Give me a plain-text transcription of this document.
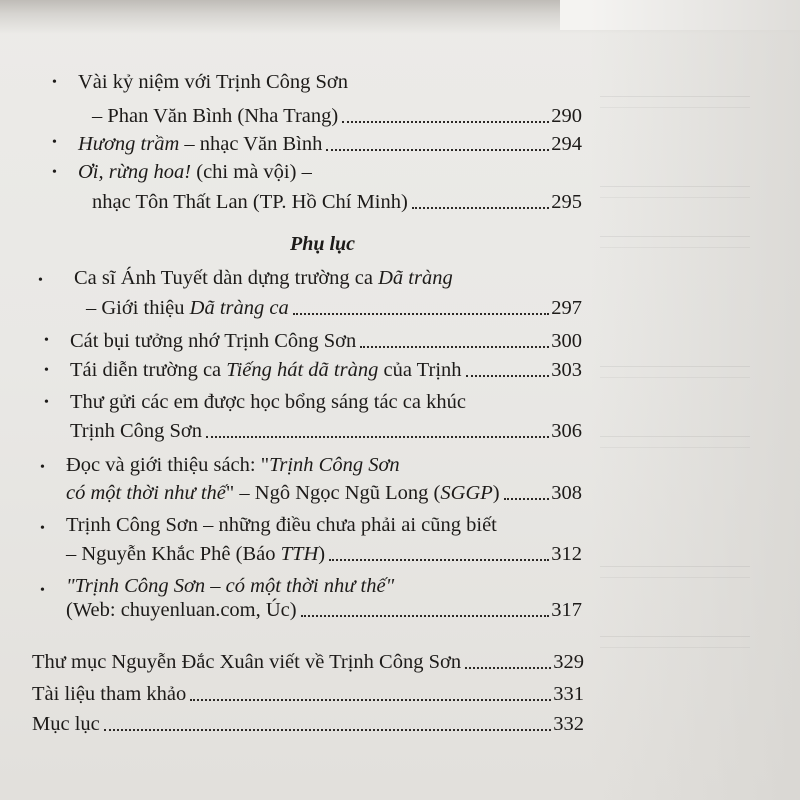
• Vài kỷ niệm với Trịnh Công Sơn
– Phan Văn Bình (Nha Trang)	290
• Hương trầm – nhạc Văn Bình	294
• Ơi, rừng hoa! (chi mà vội) –
nhạc Tôn Thất Lan (TP. Hồ Chí Minh)	295
Phụ lục
• Ca sĩ Ánh Tuyết dàn dựng trường ca Dã tràng
– Giới thiệu Dã tràng ca	297
• Cát bụi tưởng nhớ Trịnh Công Sơn	300
• Tái diễn trường ca Tiếng hát dã tràng của Trịnh	303
• Thư gửi các em được học bổng sáng tác ca khúc
Trịnh Công Sơn	306
• Đọc và giới thiệu sách: "Trịnh Công Sơn
có một thời như thế" – Ngô Ngọc Ngũ Long (SGGP)	308
• Trịnh Công Sơn – những điều chưa phải ai cũng biết
– Nguyễn Khắc Phê (Báo TTH)	312
• "Trịnh Công Sơn – có một thời như thế"
(Web: chuyenluan.com, Úc)	317
Thư mục Nguyễn Đắc Xuân viết về Trịnh Công Sơn	329
Tài liệu tham khảo	331
Mục lục	332
